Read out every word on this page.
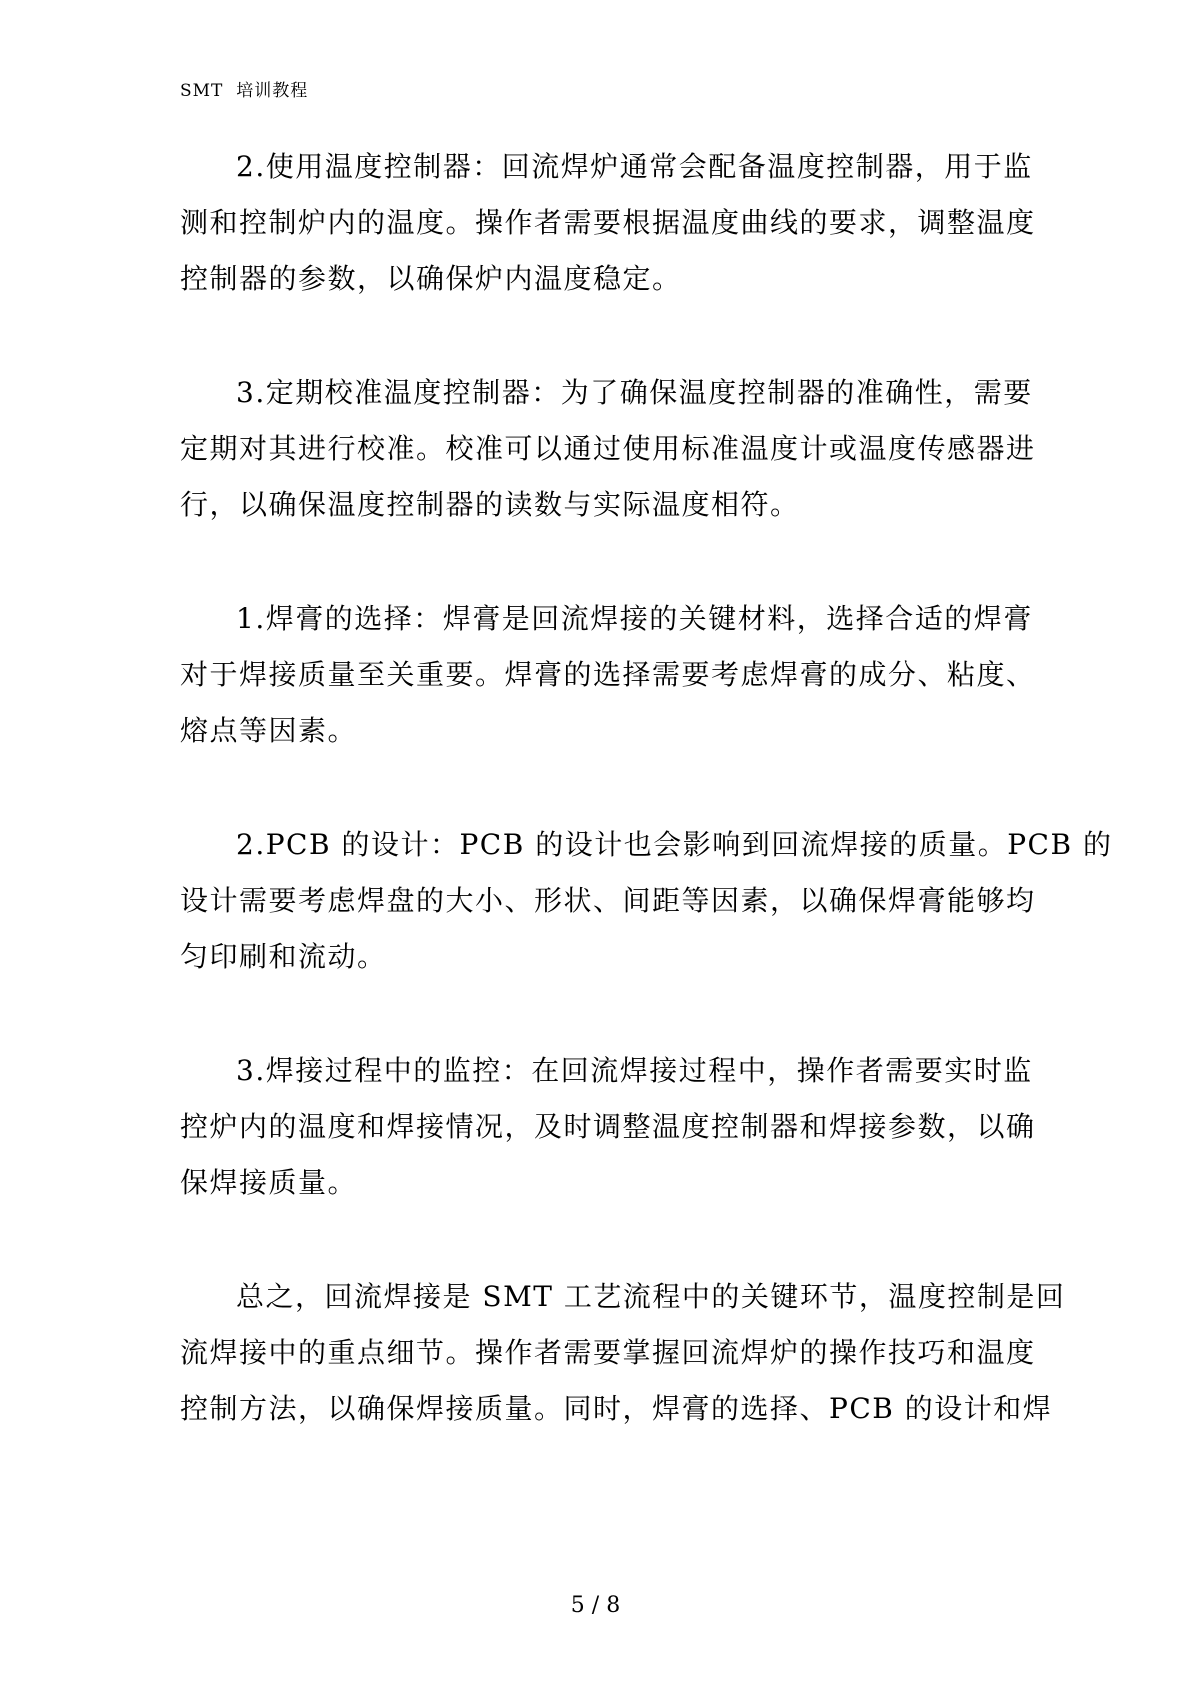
SMT  培训教程
2.使用温度控制器：回流焊炉通常会配备温度控制器，用于监
测和控制炉内的温度。操作者需要根据温度曲线的要求，调整温度
控制器的参数，以确保炉内温度稳定。
3.定期校准温度控制器：为了确保温度控制器的准确性，需要
定期对其进行校准。校准可以通过使用标准温度计或温度传感器进
行，以确保温度控制器的读数与实际温度相符。
1.焊膏的选择：焊膏是回流焊接的关键材料，选择合适的焊膏
对于焊接质量至关重要。焊膏的选择需要考虑焊膏的成分、粘度、
熔点等因素。
2.PCB 的设计：PCB 的设计也会影响到回流焊接的质量。PCB 的
设计需要考虑焊盘的大小、形状、间距等因素，以确保焊膏能够均
匀印刷和流动。
3.焊接过程中的监控：在回流焊接过程中，操作者需要实时监
控炉内的温度和焊接情况，及时调整温度控制器和焊接参数，以确
保焊接质量。
总之，回流焊接是 SMT 工艺流程中的关键环节，温度控制是回
流焊接中的重点细节。操作者需要掌握回流焊炉的操作技巧和温度
控制方法，以确保焊接质量。同时，焊膏的选择、PCB 的设计和焊
5 / 8
